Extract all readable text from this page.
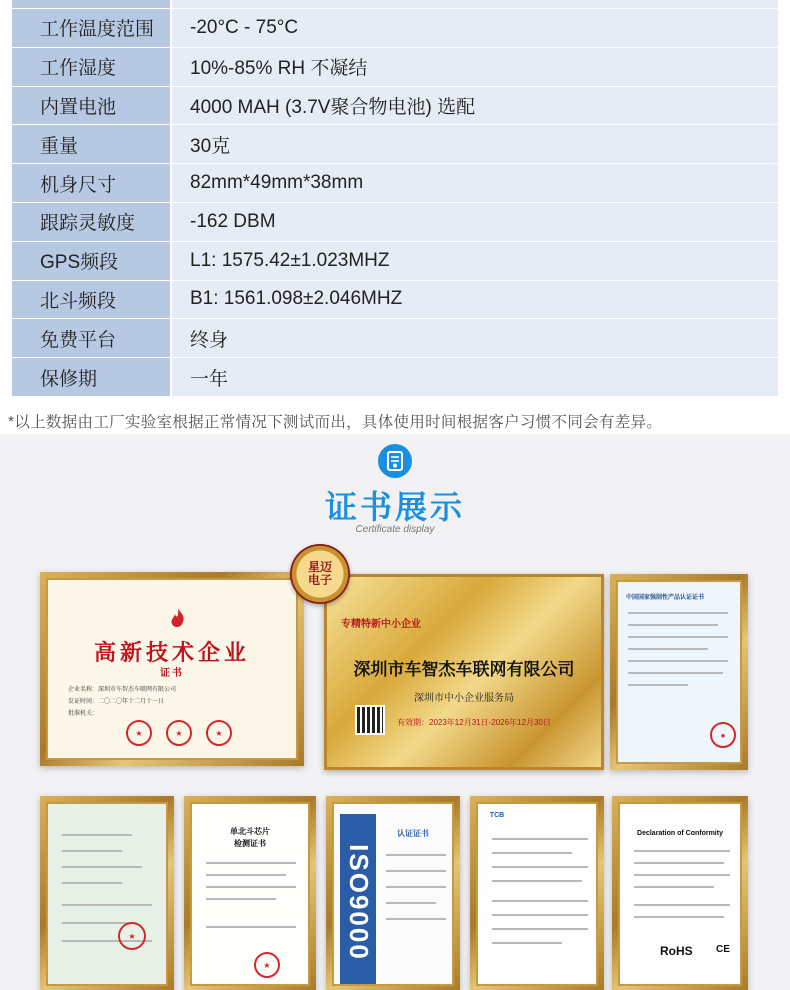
工作温度范围	-20°C - 75°C
工作湿度	10%-85% RH 不凝结
内置电池	4000 MAH (3.7V聚合物电池) 选配
重量	30克
机身尺寸	82mm*49mm*38mm
跟踪灵敏度	-162 DBM
GPS频段	L1: 1575.42±1.023MHZ
北斗频段	B1: 1561.098±2.046MHZ
免费平台	终身
保修期	一年
*以上数据由工厂实验室根据正常情况下测试而出，具体使用时间根据客户习惯不同会有差异。
证书展示
Certificate display
高新技术企业
证书
企业名称：深圳市车智杰车联网有限公司
发证时间：二〇二〇年十二月十一日
批准机关：
★	★	★
专精特新中小企业
深圳市车智杰车联网有限公司
深圳市中小企业服务局
有效期：2023年12月31日-2026年12月30日
星迈电子
中国国家强制性产品认证证书
●
★
单北斗芯片
检测证书
★
ISO9000
认证证书
TCB
Declaration of Conformity
RoHS CE
